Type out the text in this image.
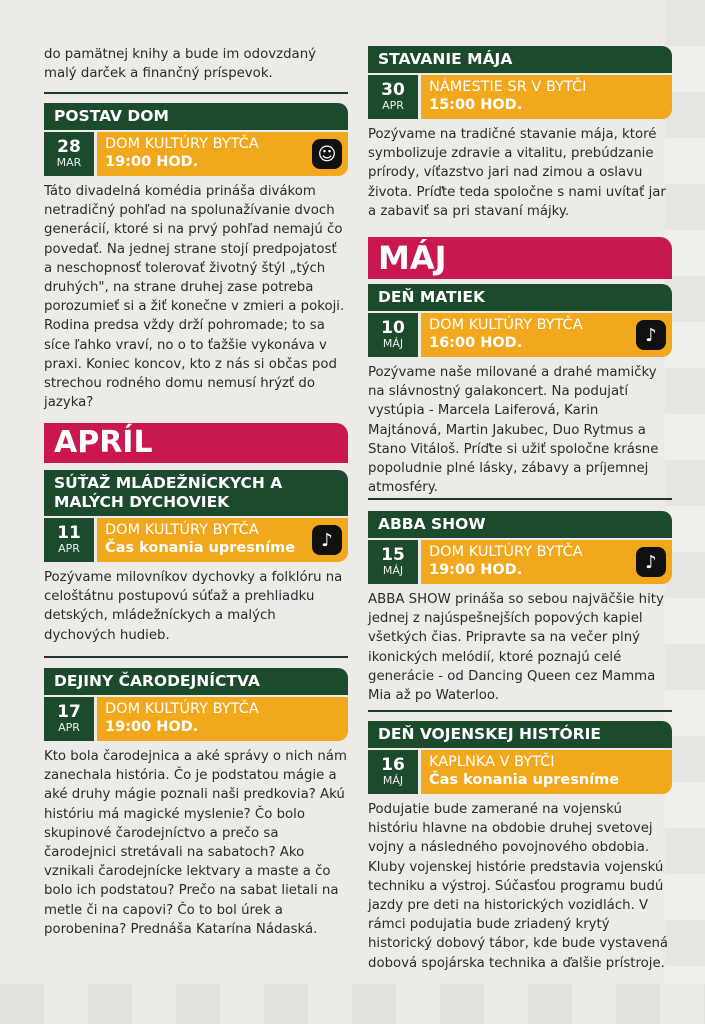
do pamätnej knihy a bude im odovzdaný malý darček a finančný príspevok.

POSTAV DOM
28
MAR
DOM KULTÚRY BYTČA
19:00 HOD.	☺

Táto divadelná komédia prináša divákom netradičný pohľad na spolunažívanie dvoch generácií, ktoré si na prvý pohľad nemajú čo povedať. Na jednej strane stojí predpojatosť a neschopnosť tolerovať životný štýl „tých druhých", na strane druhej zase potreba porozumieť si a žiť konečne v zmieri a pokoji. Rodina predsa vždy drží pohromade; to sa síce ľahko vraví, no o to ťažšie vykonáva v praxi. Koniec koncov, kto z nás si občas pod strechou rodného domu nemusí hrýzť do jazyka?

APRÍL
SÚŤAŽ MLÁDEŽNÍCKYCH A MALÝCH DYCHOVIEK
11
APR
DOM KULTÚRY BYTČA
Čas konania upresníme	♪

Pozývame milovníkov dychovky a folklóru na celoštátnu postupovú súťaž a prehliadku detských, mládežníckych a malých dychových hudieb.

DEJINY ČARODEJNÍCTVA
17
APR
DOM KULTÚRY BYTČA
19:00 HOD.

Kto bola čarodejnica a aké správy o nich nám zanechala história. Čo je podstatou mágie a aké druhy mágie poznali naši predkovia? Akú históriu má magické myslenie? Čo bolo skupinové čarodejníctvo a prečo sa čarodejnici stretávali na sabatoch? Ako vznikali čarodejnícke lektvary a maste a čo bolo ich podstatou? Prečo na sabat lietali na metle či na capovi? Čo to bol úrek a porobenina? Prednáša Katarína Nádaská.

STAVANIE MÁJA
30
APR
NÁMESTIE SR V BYTČI
15:00 HOD.

Pozývame na tradičné stavanie mája, ktoré symbolizuje zdravie a vitalitu, prebúdzanie prírody, víťazstvo jari nad zimou a oslavu života. Príďte teda spoločne s nami uvítať jar a zabaviť sa pri stavaní májky.

MÁJ
DEŇ MATIEK
10
MÁJ
DOM KULTÚRY BYTČA
16:00 HOD.	♪

Pozývame naše milované a drahé mamičky na slávnostný galakoncert. Na podujatí vystúpia - Marcela Laiferová, Karin Majtánová, Martin Jakubec, Duo Rytmus a Stano Vitáloš. Príďte si užiť spoločne krásne popoludnie plné lásky, zábavy a príjemnej atmosféry.

ABBA SHOW
15
MÁJ
DOM KULTÚRY BYTČA
19:00 HOD.	♪

ABBA SHOW prináša so sebou najväčšie hity jednej z najúspešnejších popových kapiel všetkých čias. Pripravte sa na večer plný ikonických melódií, ktoré poznajú celé generácie - od Dancing Queen cez Mamma Mia až po Waterloo.

DEŇ VOJENSKEJ HISTÓRIE
16
MÁJ
KAPLNKA V BYTČI
Čas konania upresníme

Podujatie bude zamerané na vojenskú históriu hlavne na obdobie druhej svetovej vojny a následného povojnového obdobia. Kluby vojenskej histórie predstavia vojenskú techniku a výstroj. Súčasťou programu budú jazdy pre deti na historických vozidlách. V rámci podujatia bude zriadený krytý historický dobový tábor, kde bude vystavená dobová spojárska technika a ďalšie prístroje.
